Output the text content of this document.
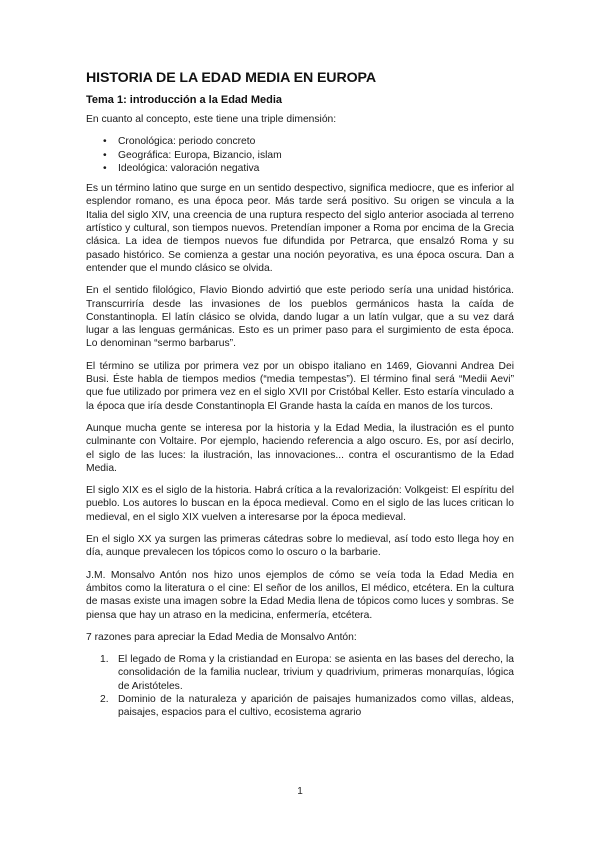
HISTORIA DE LA EDAD MEDIA EN EUROPA
Tema 1: introducción a la Edad Media

En cuanto al concepto, este tiene una triple dimensión:

• Cronológica: periodo concreto
• Geográfica: Europa, Bizancio, islam
• Ideológica: valoración negativa

Es un término latino que surge en un sentido despectivo, significa mediocre, que es inferior al esplendor romano, es una época peor. Más tarde será positivo. Su origen se vincula a la Italia del siglo XIV, una creencia de una ruptura respecto del siglo anterior asociada al terreno artístico y cultural, son tiempos nuevos. Pretendían imponer a Roma por encima de la Grecia clásica. La idea de tiempos nuevos fue difundida por Petrarca, que ensalzó Roma y su pasado histórico. Se comienza a gestar una noción peyorativa, es una época oscura. Dan a entender que el mundo clásico se olvida.

En el sentido filológico, Flavio Biondo advirtió que este periodo sería una unidad histórica. Transcurriría desde las invasiones de los pueblos germánicos hasta la caída de Constantinopla. El latín clásico se olvida, dando lugar a un latín vulgar, que a su vez dará lugar a las lenguas germánicas. Esto es un primer paso para el surgimiento de esta época. Lo denominan “sermo barbarus”.

El término se utiliza por primera vez por un obispo italiano en 1469, Giovanni Andrea Dei Busi. Éste habla de tiempos medios (“media tempestas”). El término final será “Medii Aevi” que fue utilizado por primera vez en el siglo XVII por Cristóbal Keller. Esto estaría vinculado a la época que iría desde Constantinopla El Grande hasta la caída en manos de los turcos.

Aunque mucha gente se interesa por la historia y la Edad Media, la ilustración es el punto culminante con Voltaire. Por ejemplo, haciendo referencia a algo oscuro. Es, por así decirlo, el siglo de las luces: la ilustración, las innovaciones... contra el oscurantismo de la Edad Media.

El siglo XIX es el siglo de la historia. Habrá crítica a la revalorización: Volkgeist: El espíritu del pueblo. Los autores lo buscan en la época medieval. Como en el siglo de las luces critican lo medieval, en el siglo XIX vuelven a interesarse por la época medieval.

En el siglo XX ya surgen las primeras cátedras sobre lo medieval, así todo esto llega hoy en día, aunque prevalecen los tópicos como lo oscuro o la barbarie.

J.M. Monsalvo Antón nos hizo unos ejemplos de cómo se veía toda la Edad Media en ámbitos como la literatura o el cine: El señor de los anillos, El médico, etcétera. En la cultura de masas existe una imagen sobre la Edad Media llena de tópicos como luces y sombras. Se piensa que hay un atraso en la medicina, enfermería, etcétera.

7 razones para apreciar la Edad Media de Monsalvo Antón:

1. El legado de Roma y la cristiandad en Europa: se asienta en las bases del derecho, la consolidación de la familia nuclear, trivium y quadrivium, primeras monarquías, lógica de Aristóteles.
2. Dominio de la naturaleza y aparición de paisajes humanizados como villas, aldeas, paisajes, espacios para el cultivo, ecosistema agrario
1
